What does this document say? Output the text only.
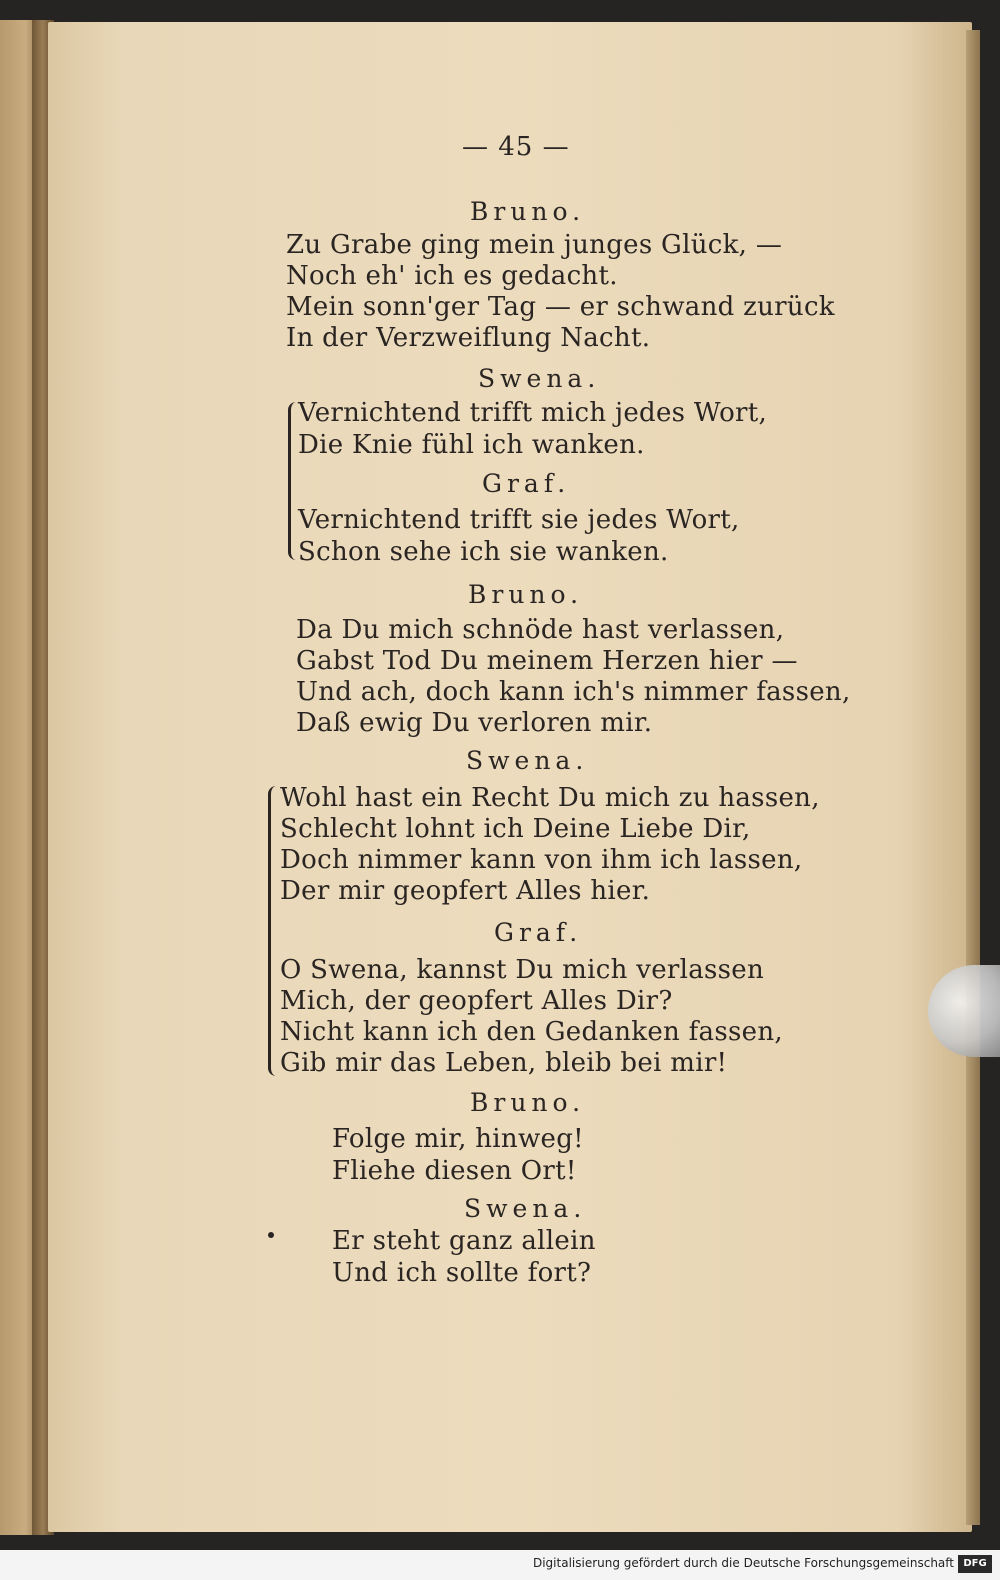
— 45 —
Bruno.
Zu Grabe ging mein junges Glück, —
Noch eh' ich es gedacht.
Mein sonn'ger Tag — er schwand zurück
In der Verzweiflung Nacht.
Swena.
Vernichtend trifft mich jedes Wort,
Die Knie fühl ich wanken.
Graf.
Vernichtend trifft sie jedes Wort,
Schon sehe ich sie wanken.
Bruno.
Da Du mich schnöde hast verlassen,
Gabst Tod Du meinem Herzen hier —
Und ach, doch kann ich's nimmer fassen,
Daß ewig Du verloren mir.
Swena.
Wohl hast ein Recht Du mich zu hassen,
Schlecht lohnt ich Deine Liebe Dir,
Doch nimmer kann von ihm ich lassen,
Der mir geopfert Alles hier.
Graf.
O Swena, kannst Du mich verlassen
Mich, der geopfert Alles Dir?
Nicht kann ich den Gedanken fassen,
Gib mir das Leben, bleib bei mir!
Bruno.
Folge mir, hinweg!
Fliehe diesen Ort!
Swena.
Er steht ganz allein
Und ich sollte fort?
Digitalisierung gefördert durch die Deutsche Forschungsgemeinschaft DFG
